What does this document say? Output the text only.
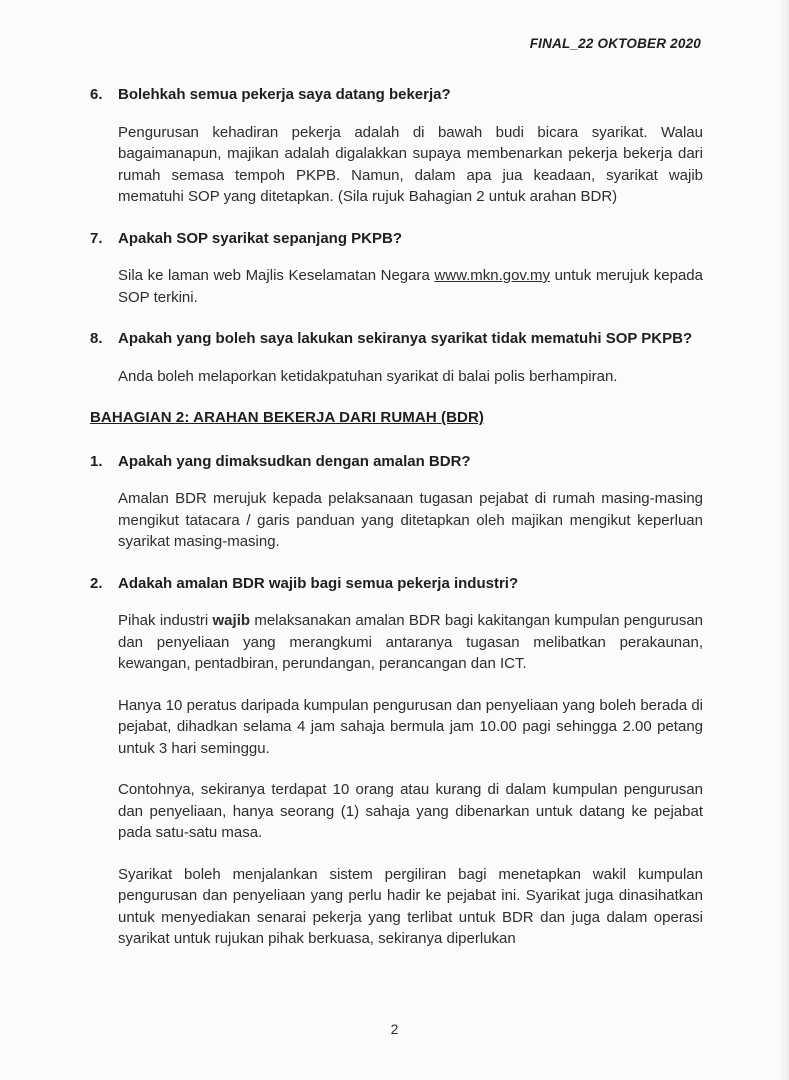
FINAL_22 OKTOBER 2020
6.	Bolehkah semua pekerja saya datang bekerja?
Pengurusan kehadiran pekerja adalah di bawah budi bicara syarikat. Walau bagaimanapun, majikan adalah digalakkan supaya membenarkan pekerja bekerja dari rumah semasa tempoh PKPB. Namun, dalam apa jua keadaan, syarikat wajib mematuhi SOP yang ditetapkan. (Sila rujuk Bahagian 2 untuk arahan BDR)
7.	Apakah SOP syarikat sepanjang PKPB?
Sila ke laman web Majlis Keselamatan Negara www.mkn.gov.my untuk merujuk kepada SOP terkini.
8.	Apakah yang boleh saya lakukan sekiranya syarikat tidak mematuhi SOP PKPB?
Anda boleh melaporkan ketidakpatuhan syarikat di balai polis berhampiran.
BAHAGIAN 2: ARAHAN BEKERJA DARI RUMAH (BDR)
1.	Apakah yang dimaksudkan dengan amalan BDR?
Amalan BDR merujuk kepada pelaksanaan tugasan pejabat di rumah masing-masing mengikut tatacara / garis panduan yang ditetapkan oleh majikan mengikut keperluan syarikat masing-masing.
2.	Adakah amalan BDR wajib bagi semua pekerja industri?
Pihak industri wajib melaksanakan amalan BDR bagi kakitangan kumpulan pengurusan dan penyeliaan yang merangkumi antaranya tugasan melibatkan perakaunan, kewangan, pentadbiran, perundangan, perancangan dan ICT.
Hanya 10 peratus daripada kumpulan pengurusan dan penyeliaan yang boleh berada di pejabat, dihadkan selama 4 jam sahaja bermula jam 10.00 pagi sehingga 2.00 petang untuk 3 hari seminggu.
Contohnya, sekiranya terdapat 10 orang atau kurang di dalam kumpulan pengurusan dan penyeliaan, hanya seorang (1) sahaja yang dibenarkan untuk datang ke pejabat pada satu-satu masa.
Syarikat boleh menjalankan sistem pergiliran bagi menetapkan wakil kumpulan pengurusan dan penyeliaan yang perlu hadir ke pejabat ini. Syarikat juga dinasihatkan untuk menyediakan senarai pekerja yang terlibat untuk BDR dan juga dalam operasi syarikat untuk rujukan pihak berkuasa, sekiranya diperlukan
2
